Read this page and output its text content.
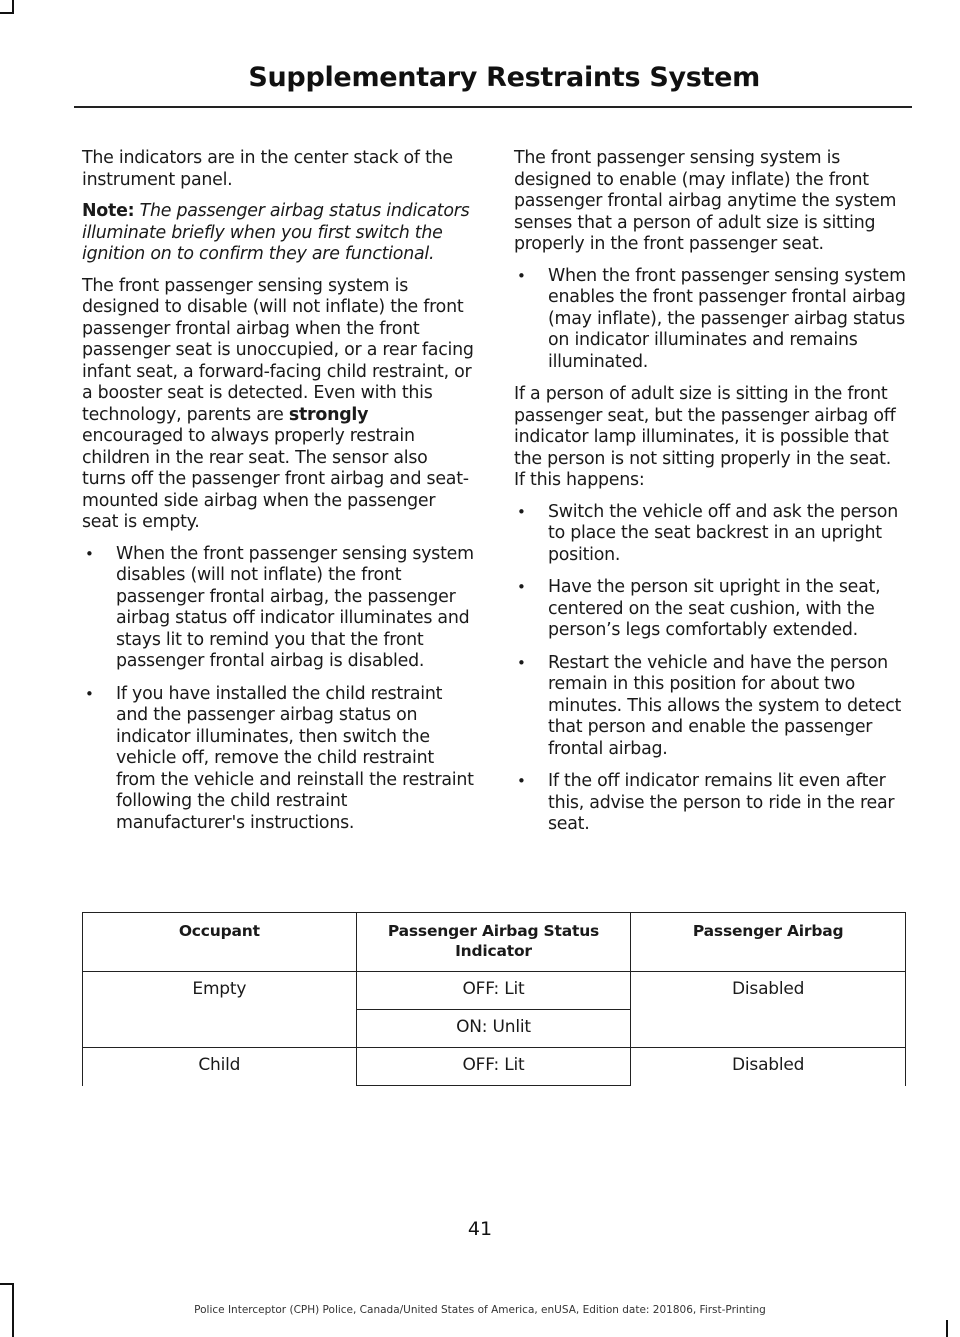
Supplementary Restraints System

The indicators are in the center stack of the instrument panel.

Note: The passenger airbag status indicators illuminate briefly when you first switch the ignition on to confirm they are functional.

The front passenger sensing system is designed to disable (will not inflate) the front passenger frontal airbag when the front passenger seat is unoccupied, or a rear facing infant seat, a forward-facing child restraint, or a booster seat is detected. Even with this technology, parents are strongly encouraged to always properly restrain children in the rear seat. The sensor also turns off the passenger front airbag and seat-mounted side airbag when the passenger seat is empty.

• When the front passenger sensing system disables (will not inflate) the front passenger frontal airbag, the passenger airbag status off indicator illuminates and stays lit to remind you that the front passenger frontal airbag is disabled.
• If you have installed the child restraint and the passenger airbag status on indicator illuminates, then switch the vehicle off, remove the child restraint from the vehicle and reinstall the restraint following the child restraint manufacturer's instructions.

The front passenger sensing system is designed to enable (may inflate) the front passenger frontal airbag anytime the system senses that a person of adult size is sitting properly in the front passenger seat.

• When the front passenger sensing system enables the front passenger frontal airbag (may inflate), the passenger airbag status on indicator illuminates and remains illuminated.

If a person of adult size is sitting in the front passenger seat, but the passenger airbag off indicator lamp illuminates, it is possible that the person is not sitting properly in the seat. If this happens:

• Switch the vehicle off and ask the person to place the seat backrest in an upright position.
• Have the person sit upright in the seat, centered on the seat cushion, with the person’s legs comfortably extended.
• Restart the vehicle and have the person remain in this position for about two minutes. This allows the system to detect that person and enable the passenger frontal airbag.
• If the off indicator remains lit even after this, advise the person to ride in the rear seat.
Occupant	Passenger Airbag Status Indicator	Passenger Airbag
Empty	OFF: Lit	Disabled
	ON: Unlit	
Child	OFF: Lit	Disabled
41
Police Interceptor (CPH) Police, Canada/United States of America, enUSA, Edition date: 201806, First-Printing
